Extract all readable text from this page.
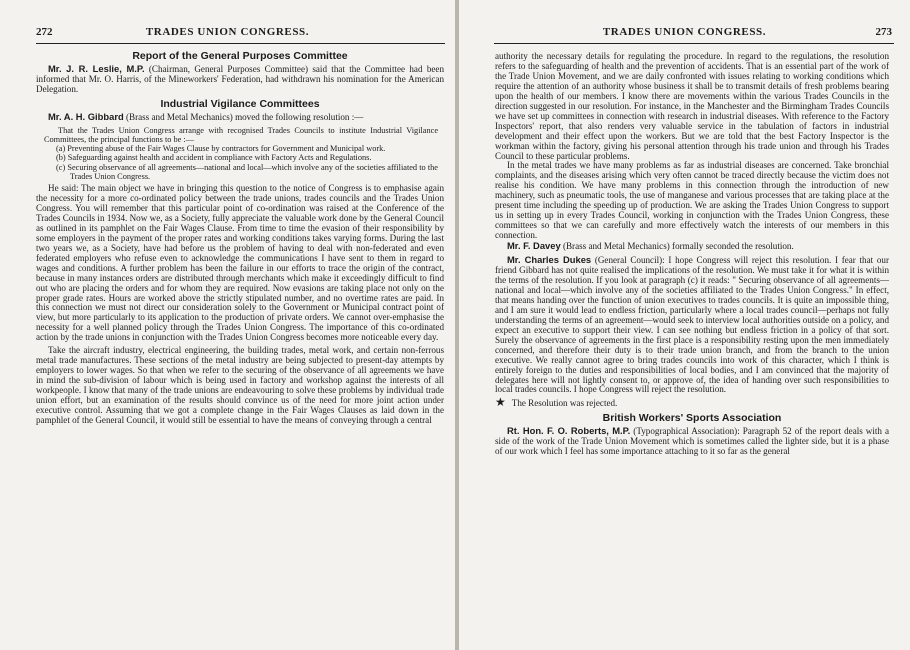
272	TRADES UNION CONGRESS.
Report of the General Purposes Committee

Mr. J. R. Leslie, M.P. (Chairman, General Purposes Committee) said that the Committee had been informed that Mr. O. Harris, of the Mineworkers' Federation, had withdrawn his nomination for the American Delegation.

Industrial Vigilance Committees

Mr. A. H. Gibbard (Brass and Metal Mechanics) moved the following resolution :—

That the Trades Union Congress arrange with recognised Trades Councils to institute Industrial Vigilance Committees, the principal functions to be :—

(a) Preventing abuse of the Fair Wages Clause by contractors for Government and Municipal work.

(b) Safeguarding against health and accident in compliance with Factory Acts and Regulations.

(c) Securing observance of all agreements—national and local—which involve any of the societies affiliated to the Trades Union Congress.

He said: The main object we have in bringing this question to the notice of Congress is to emphasise again the necessity for a more co-ordinated policy between the trade unions, trades councils and the Trades Union Congress. You will remember that this particular point of co-ordination was raised at the Conference of the Trades Councils in 1934. Now we, as a Society, fully appreciate the valuable work done by the General Council as outlined in its pamphlet on the Fair Wages Clause. From time to time the evasion of their responsibility by some employers in the payment of the proper rates and working conditions takes varying forms. During the last two years we, as a Society, have had before us the problem of having to deal with non-federated and even federated employers who refuse even to acknowledge the communications I have sent to them in regard to wages and conditions. A further problem has been the failure in our efforts to trace the origin of the contract, because in many instances orders are distributed through merchants which make it exceedingly difficult to find out who are placing the orders and for whom they are required. Now evasions are taking place not only on the proper grade rates. Hours are worked above the strictly stipulated number, and no overtime rates are paid. In this connection we must not direct our consideration solely to the Government or Municipal contract point of view, but more particularly to its application to the production of private orders. We cannot over-emphasise the necessity for a well planned policy through the Trades Union Congress. The importance of this co-ordinated action by the trade unions in conjunction with the Trades Union Congress becomes more noticeable every day.

Take the aircraft industry, electrical engineering, the building trades, metal work, and certain non-ferrous metal trade manufactures. These sections of the metal industry are being subjected to present-day attempts by employers to lower wages. So that when we refer to the securing of the observance of all agreements we have in mind the sub-division of labour which is being used in factory and workshop against the interests of all workpeople. I know that many of the trade unions are endeavouring to solve these problems by individual trade union effort, but an examination of the results should convince us of the need for more joint action under executive control. Assuming that we got a complete change in the Fair Wages Clauses as laid down in the pamphlet of the General Council, it would still be essential to have the means of conveying through a central

TRADES UNION CONGRESS.	273

authority the necessary details for regulating the procedure. In regard to the regulations, the resolution refers to the safeguarding of health and the prevention of accidents. That is an essential part of the work of the Trade Union Movement, and we are daily confronted with issues relating to working conditions which require the attention of an authority whose business it shall be to transmit details of fresh problems bearing upon the health of our members. I know there are movements within the various Trades Councils in the direction suggested in our resolution. For instance, in the Manchester and the Birmingham Trades Councils we have set up committees in connection with research in industrial diseases. With reference to the Factory Inspectors' report, that also renders very valuable service in the tabulation of factors in industrial development and their effect upon the workers. But we are told that the best Factory Inspector is the workman within the factory, giving his personal attention through his trade union and through his Trades Council to these particular problems.

In the metal trades we have many problems as far as industrial diseases are concerned. Take bronchial complaints, and the diseases arising which very often cannot be traced directly because the victim does not realise his condition. We have many problems in this connection through the introduction of new machinery, such as pneumatic tools, the use of manganese and various processes that are taking place at the present time including the speeding up of production. We are asking the Trades Union Congress to support us in setting up in every Trades Council, working in conjunction with the Trades Union Congress, these committees so that we can carefully and more effectively watch the interests of our members in this connection.

Mr. F. Davey (Brass and Metal Mechanics) formally seconded the resolution.

Mr. Charles Dukes (General Council): I hope Congress will reject this resolution. I fear that our friend Gibbard has not quite realised the implications of the resolution. We must take it for what it is within the terms of the resolution. If you look at paragraph (c) it reads: " Securing observance of all agreements—national and local—which involve any of the societies affiliated to the Trades Union Congress." In effect, that means handing over the function of union executives to trades councils. It is quite an impossible thing, and I am sure it would lead to endless friction, particularly where a local trades council—perhaps not fully understanding the terms of an agreement—would seek to interview local authorities outside on a policy, and expect an executive to support their view. I can see nothing but endless friction in a policy of that sort. Surely the observance of agreements in the first place is a responsibility resting upon the men immediately concerned, and therefore their duty is to their trade union branch, and from the branch to the union executive. We really cannot agree to bring trades councils into work of this character, which I think is entirely foreign to the duties and responsibilities of local bodies, and I am convinced that the majority of delegates here will not lightly consent to, or approve of, the idea of handing over such responsibilities to local trades councils. I hope Congress will reject the resolution.

★ The Resolution was rejected.

British Workers' Sports Association

Rt. Hon. F. O. Roberts, M.P. (Typographical Association): Paragraph 52 of the report deals with a side of the work of the Trade Union Movement which is sometimes called the lighter side, but it is a phase of our work which I feel has some importance attaching to it so far as the general
